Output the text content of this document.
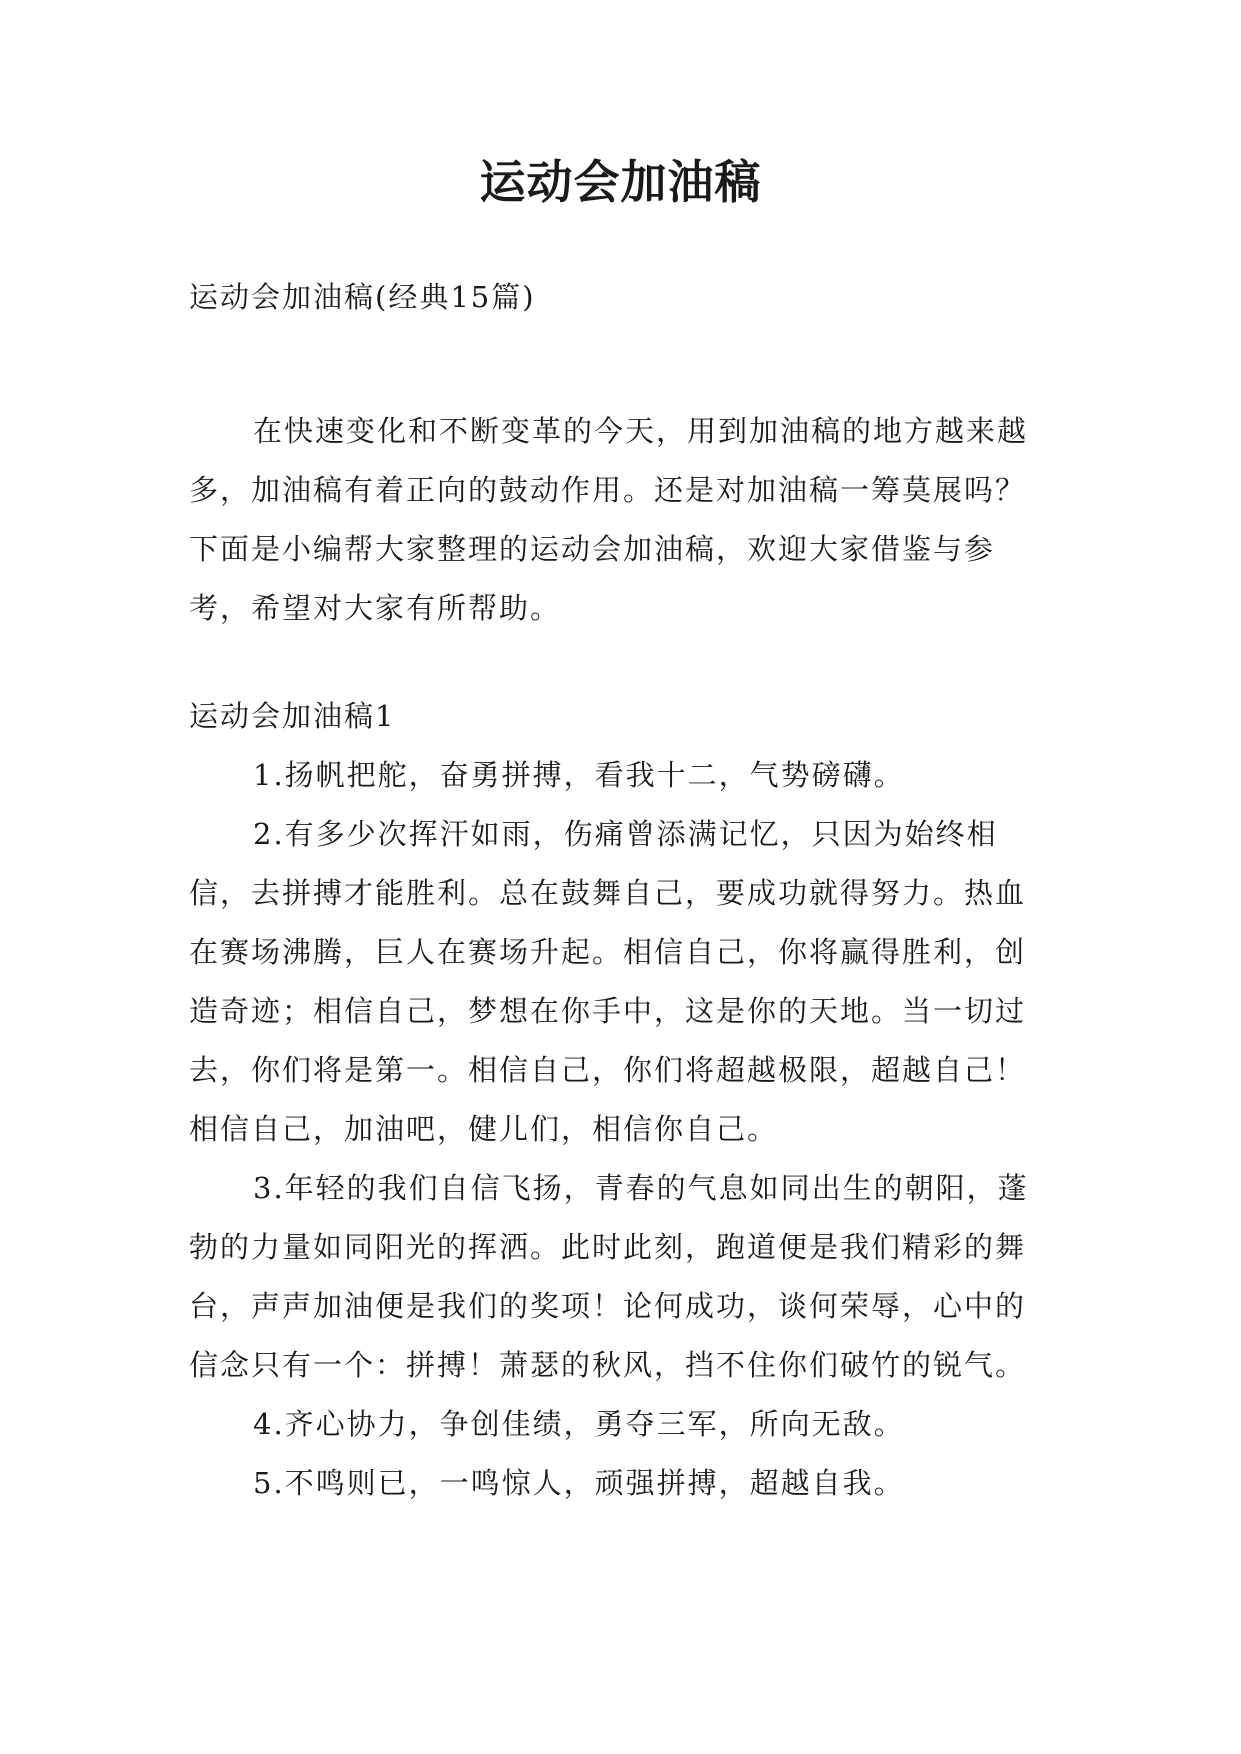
运动会加油稿

运动会加油稿(经典15篇)

在快速变化和不断变革的今天，用到加油稿的地方越来越多，加油稿有着正向的鼓动作用。还是对加油稿一筹莫展吗？下面是小编帮大家整理的运动会加油稿，欢迎大家借鉴与参考，希望对大家有所帮助。

运动会加油稿1

1.扬帆把舵，奋勇拼搏，看我十二，气势磅礴。

2.有多少次挥汗如雨，伤痛曾添满记忆，只因为始终相信，去拼搏才能胜利。总在鼓舞自己，要成功就得努力。热血在赛场沸腾，巨人在赛场升起。相信自己，你将赢得胜利，创造奇迹；相信自己，梦想在你手中，这是你的天地。当一切过去，你们将是第一。相信自己，你们将超越极限，超越自己！相信自己，加油吧，健儿们，相信你自己。

3.年轻的我们自信飞扬，青春的气息如同出生的朝阳，蓬勃的力量如同阳光的挥洒。此时此刻，跑道便是我们精彩的舞台，声声加油便是我们的奖项！论何成功，谈何荣辱，心中的信念只有一个：拼搏！萧瑟的秋风，挡不住你们破竹的锐气。

4.齐心协力，争创佳绩，勇夺三军，所向无敌。

5.不鸣则已，一鸣惊人，顽强拼搏，超越自我。
